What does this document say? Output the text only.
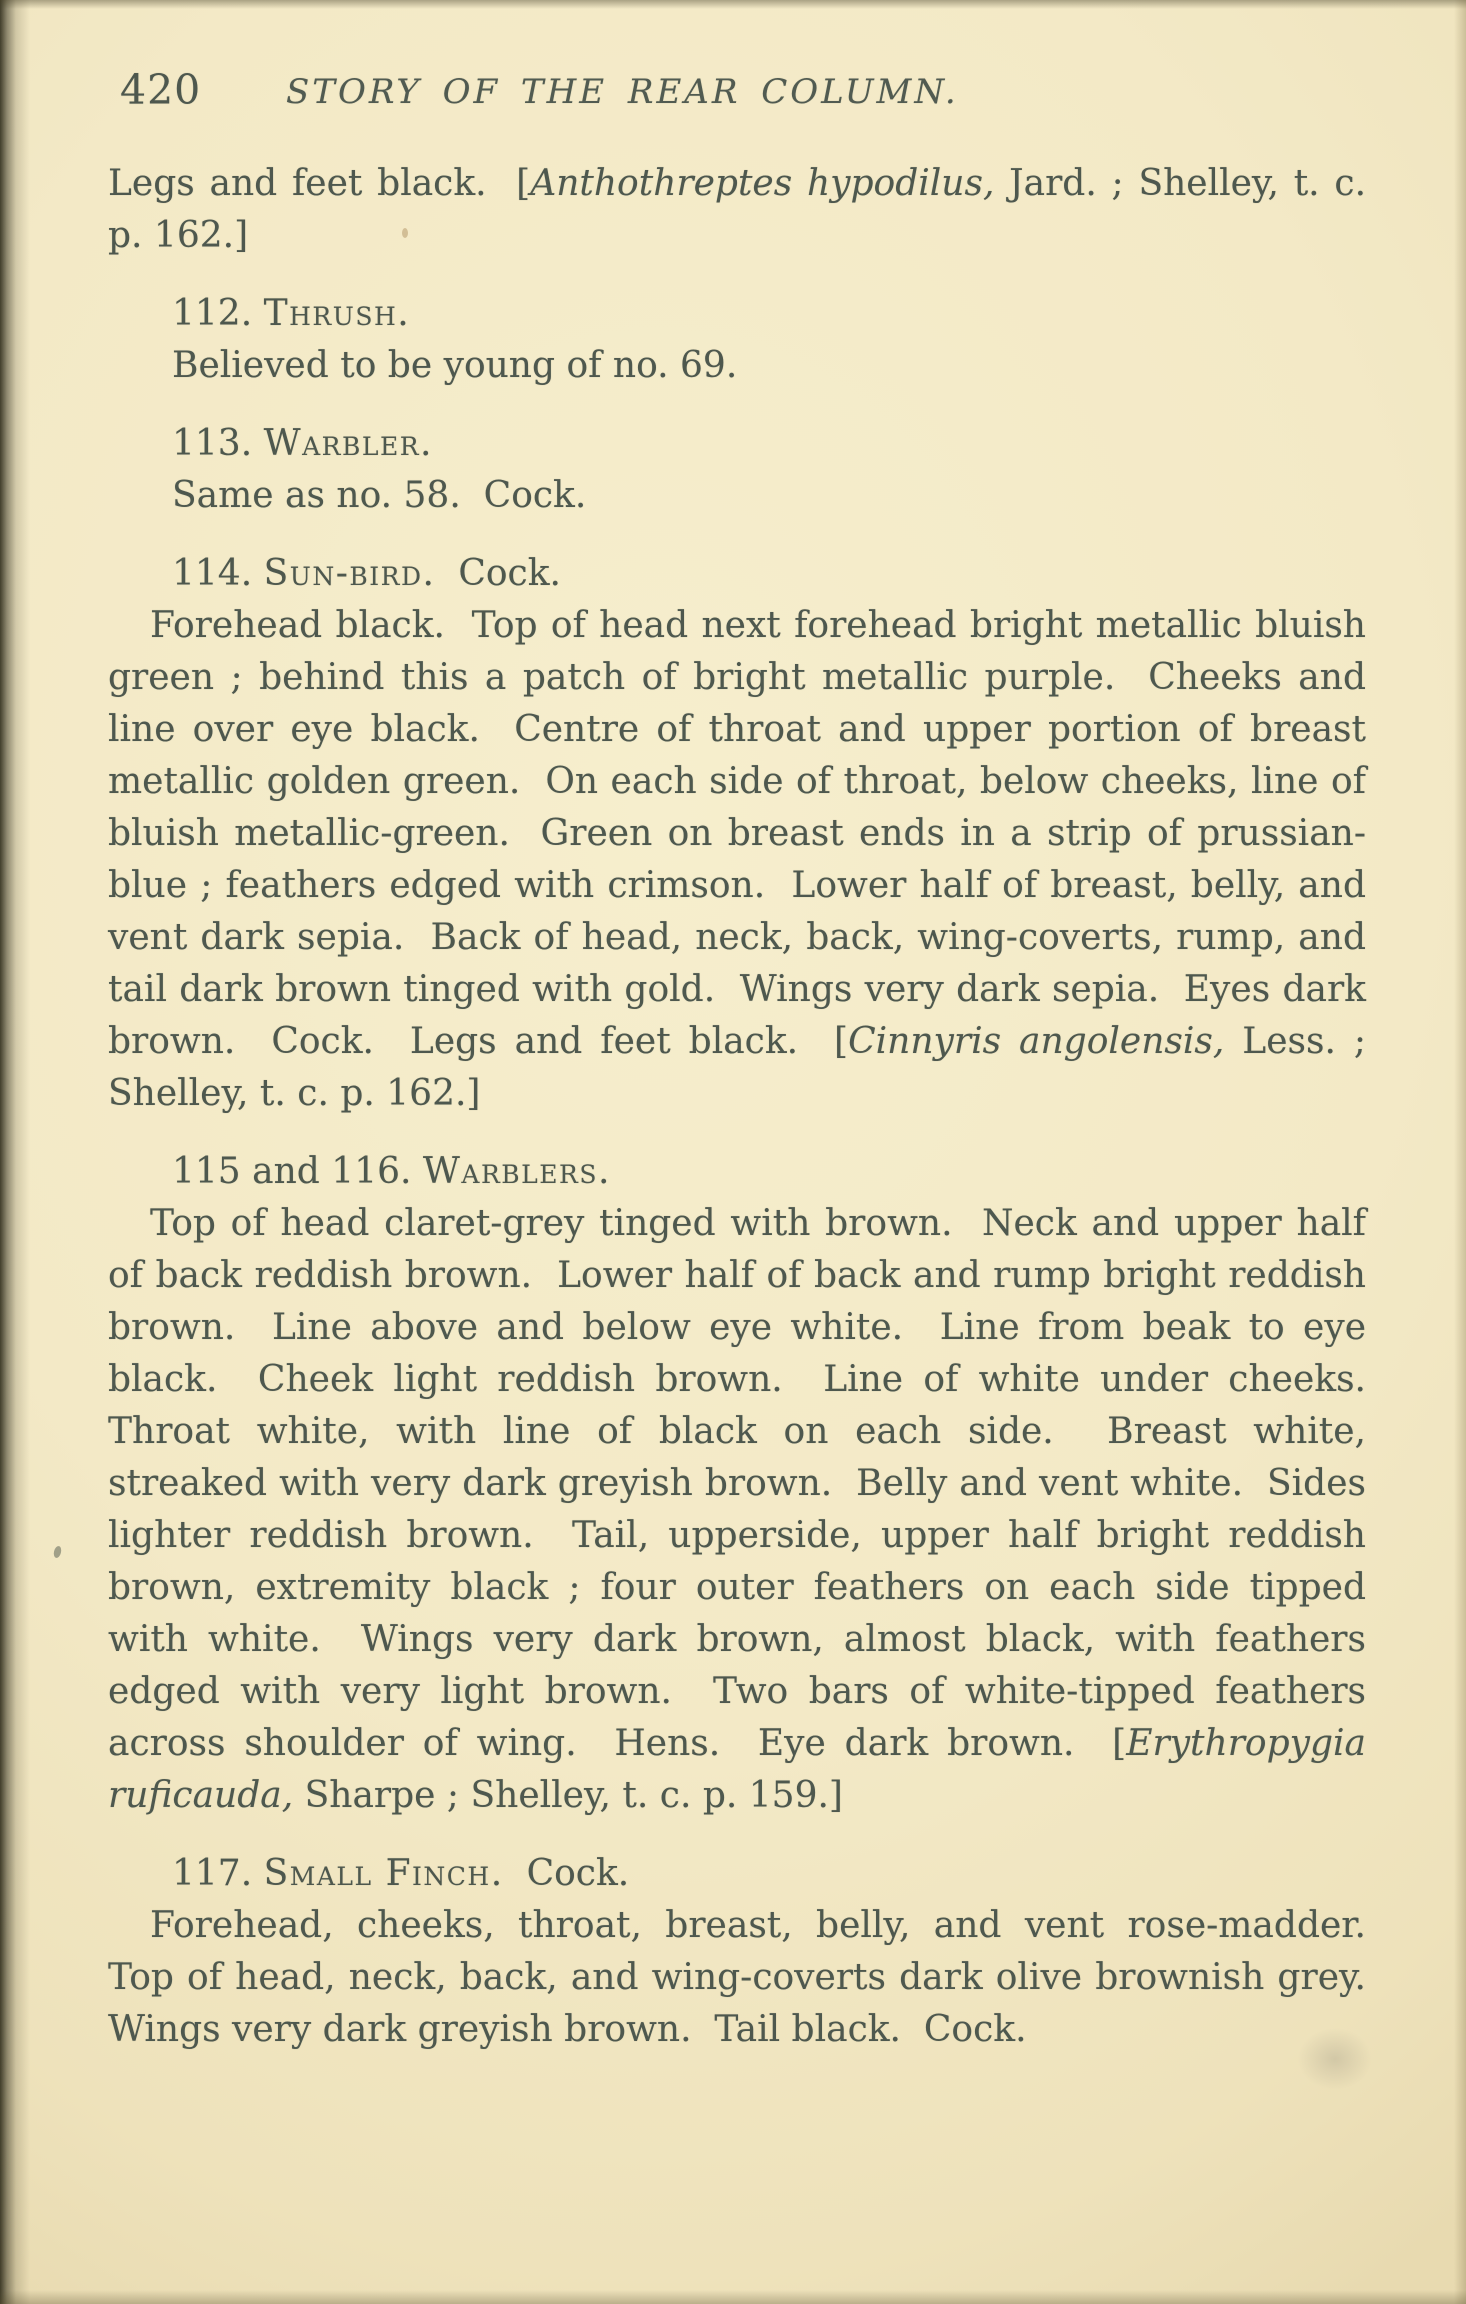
420 STORY OF THE REAR COLUMN.

Legs and feet black.  [Anthothreptes hypodilus, Jard. ; Shelley, t. c. p. 162.]

112. Thrush.

Believed to be young of no. 69.

113. Warbler.

Same as no. 58.  Cock.

114. Sun-bird.  Cock.

Forehead black.  Top of head next forehead bright metallic bluish green ; behind this a patch of bright metallic purple.  Cheeks and line over eye black.  Centre of throat and upper portion of breast metallic golden green.  On each side of throat, below cheeks, line of bluish metallic-green.  Green on breast ends in a strip of prussian-blue ; feathers edged with crimson.  Lower half of breast, belly, and vent dark sepia.  Back of head, neck, back, wing-coverts, rump, and tail dark brown tinged with gold.  Wings very dark sepia.  Eyes dark brown.  Cock.  Legs and feet black.  [Cinnyris angolensis, Less. ; Shelley, t. c. p. 162.]

115 and 116. Warblers.

Top of head claret-grey tinged with brown.  Neck and upper half of back reddish brown.  Lower half of back and rump bright reddish brown.  Line above and below eye white.  Line from beak to eye black.  Cheek light reddish brown.  Line of white under cheeks.  Throat white, with line of black on each side.  Breast white, streaked with very dark greyish brown.  Belly and vent white.  Sides lighter reddish brown.  Tail, upperside, upper half bright reddish brown, extremity black ; four outer feathers on each side tipped with white.  Wings very dark brown, almost black, with feathers edged with very light brown.  Two bars of white-tipped feathers across shoulder of wing.  Hens.  Eye dark brown.  [Erythropygia ruficauda, Sharpe ; Shelley, t. c. p. 159.]

117. Small Finch.  Cock.

Forehead, cheeks, throat, breast, belly, and vent rose-madder.  Top of head, neck, back, and wing-coverts dark olive brownish grey.  Wings very dark greyish brown.  Tail black.  Cock.
